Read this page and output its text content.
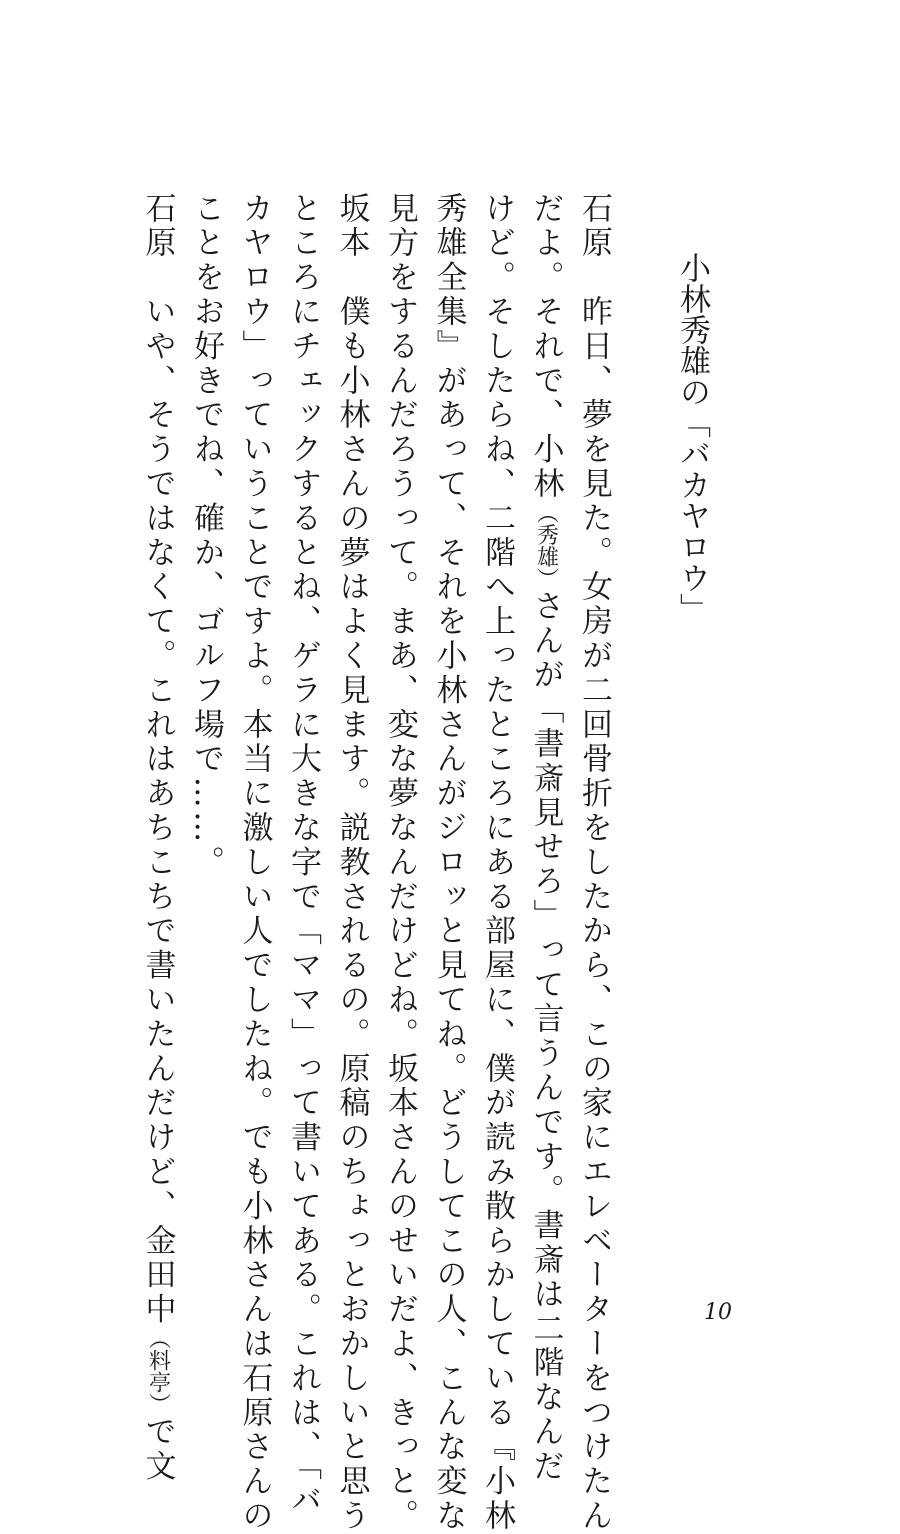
小林秀雄の「バカヤロウ」
石原　昨日、夢を見た。女房が二回骨折をしたから、この家にエレベーターをつけたん
だよ。それで、小林（秀雄）さんが「書斎見せろ」って言うんです。書斎は二階なんだ
けど。そしたらね、二階へ上ったところにある部屋に、僕が読み散らかしている『小林
秀雄全集』があって、それを小林さんがジロッと見てね。どうしてこの人、こんな変な
見方をするんだろうって。まあ、変な夢なんだけどね。坂本さんのせいだよ、きっと。
坂本　僕も小林さんの夢はよく見ます。説教されるの。原稿のちょっとおかしいと思う
ところにチェックするとね、ゲラに大きな字で「ママ」って書いてある。これは、「バ
カヤロウ」っていうことですよ。本当に激しい人でしたね。でも小林さんは石原さんの
ことをお好きでね、確か、ゴルフ場で……。
石原　いや、そうではなくて。これはあちこちで書いたんだけど、金田中（料亭）で文
10
